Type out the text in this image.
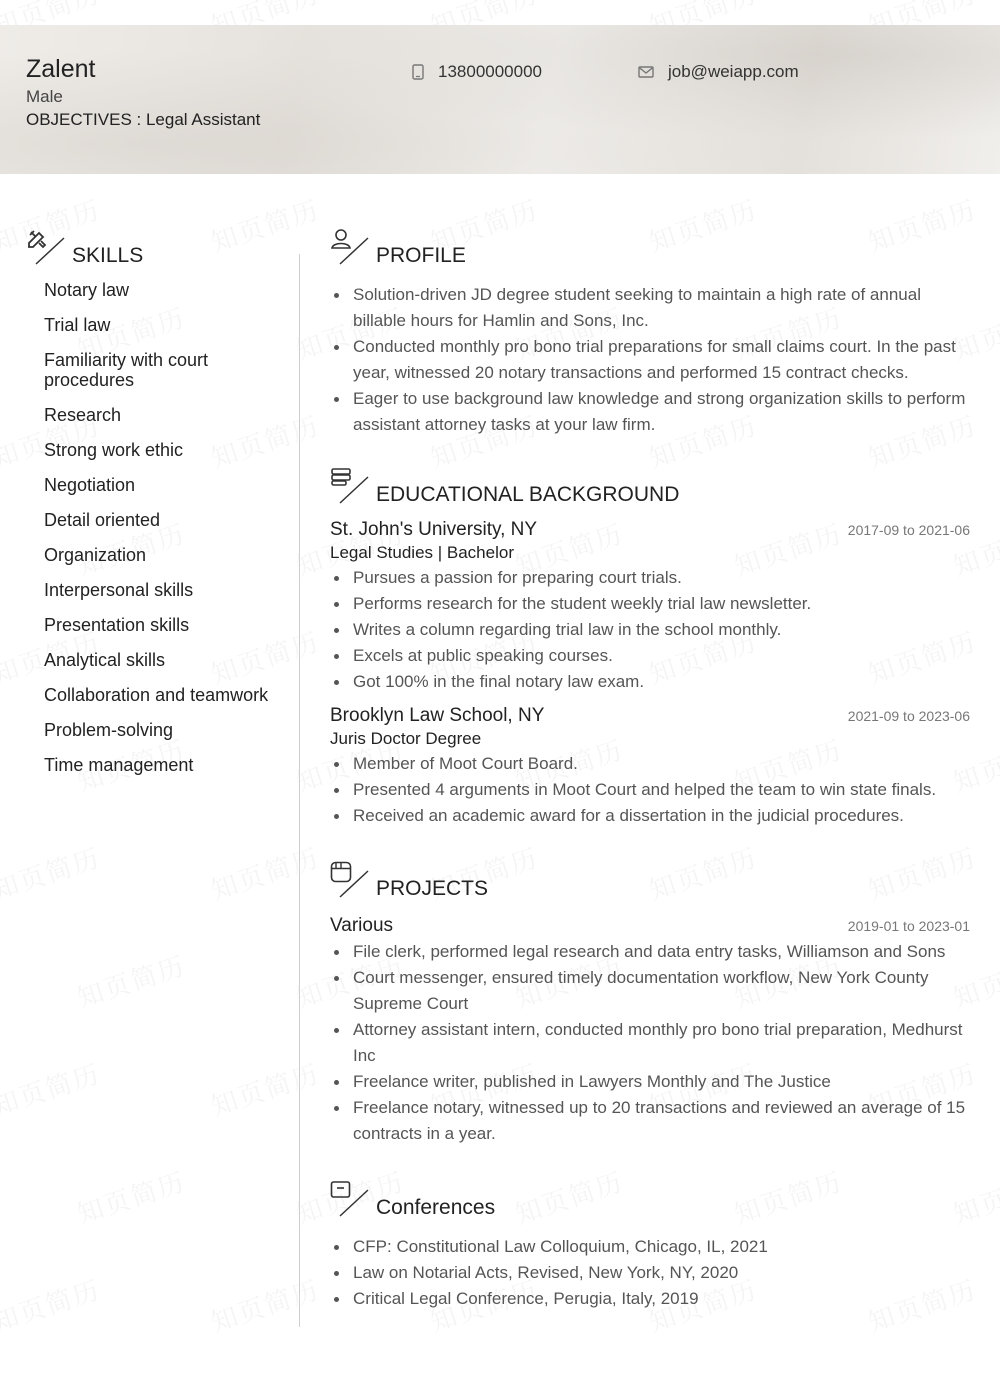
Zalent
Male
OBJECTIVES : Legal Assistant
13800000000	job@weiapp.com
SKILLS
Notary law
Trial law
Familiarity with court procedures
Research
Strong work ethic
Negotiation
Detail oriented
Organization
Interpersonal skills
Presentation skills
Analytical skills
Collaboration and teamwork
Problem-solving
Time management
PROFILE
Solution-driven JD degree student seeking to maintain a high rate of annual billable hours for Hamlin and Sons, Inc.
Conducted monthly pro bono trial preparations for small claims court. In the past year, witnessed 20 notary transactions and performed 15 contract checks.
Eager to use background law knowledge and strong organization skills to perform assistant attorney tasks at your law firm.
EDUCATIONAL BACKGROUND
St. John's University, NY	2017-09 to 2021-06
Legal Studies | Bachelor
Pursues a passion for preparing court trials.
Performs research for the student weekly trial law newsletter.
Writes a column regarding trial law in the school monthly.
Excels at public speaking courses.
Got 100% in the final notary law exam.
Brooklyn Law School, NY	2021-09 to 2023-06
Juris Doctor Degree
Member of Moot Court Board.
Presented 4 arguments in Moot Court and helped the team to win state finals.
Received an academic award for a dissertation in the judicial procedures.
PROJECTS
Various	2019-01 to 2023-01
File clerk, performed legal research and data entry tasks, Williamson and Sons
Court messenger, ensured timely documentation workflow, New York County Supreme Court
Attorney assistant intern, conducted monthly pro bono trial preparation, Medhurst Inc
Freelance writer, published in Lawyers Monthly and The Justice
Freelance notary, witnessed up to 20 transactions and reviewed an average of 15 contracts in a year.
Conferences
CFP: Constitutional Law Colloquium, Chicago, IL, 2021
Law on Notarial Acts, Revised, New York, NY, 2020
Critical Legal Conference, Perugia, Italy, 2019
